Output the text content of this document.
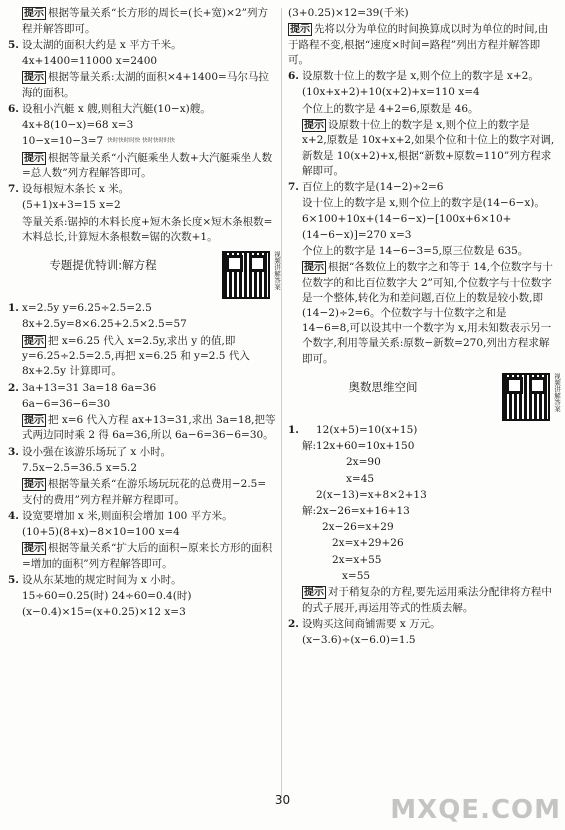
提示 根据等量关系“长方形的周长=(长+宽)×2”列方程并解答即可。

5. 设太湖的面积大约是 x 平方千米。

4x+1400=11000 x=2400

提示 根据等量关系:太湖的面积×4+1400=马尔马拉海的面积。

6. 设租小汽艇 x 艘,则租大汽艇(10−x)艘。

4x+8(10−x)=68 x=3

10−x=10−3=7 快时快时时快 快时快时时快

提示 根据等量关系“小汽艇乘坐人数+大汽艇乘坐人数=总人数”列方程解答即可。

7. 设每根短木条长 x 米。

(5+1)x+3=15 x=2

等量关系:锯掉的木料长度+短木条长度×短木条根数=木料总长,计算短木条根数=锯的次数+1。

专题提优特训:解方程	视频讲解答案
1. x=2.5y y=6.25÷2.5=2.5

8x+2.5y=8×6.25+2.5×2.5=57

提示 把 x=6.25 代入 x=2.5y,求出 y 的值,即 y=6.25÷2.5=2.5,再把 x=6.25 和 y=2.5 代入 8x+2.5y 计算即可。

2. 3a+13=31 3a=18 6a=36

6a−6=36−6=30

提示 把 x=6 代入方程 ax+13=31,求出 3a=18,把等式两边同时乘 2 得 6a=36,所以 6a−6=36−6=30。

3. 设小强在该游乐场玩了 x 小时。

7.5x−2.5=36.5 x=5.2

提示 根据等量关系“在游乐场玩玩花的总费用−2.5=支付的费用”列方程并解方程即可。

4. 设宽要增加 x 米,则面积会增加 100 平方米。

(10+5)(8+x)−8×10=100 x=4

提示 根据等量关系“扩大后的面积−原来长方形的面积=增加的面积”列方程解答即可。

5. 设从东某地的规定时间为 x 小时。

15÷60=0.25(时) 24÷60=0.4(时)

(x−0.4)×15=(x+0.25)×12 x=3

(3+0.25)×12=39(千米)

提示 先将以分为单位的时间换算成以时为单位的时间,由于路程不变,根据“速度×时间=路程”列出方程并解答即可。

6. 设原数十位上的数字是 x,则个位上的数字是 x+2。

(10x+x+2)+10(x+2)+x=110 x=4

个位上的数字是 4+2=6,原数是 46。

提示 设原数十位上的数字是 x,则个位上的数字是 x+2,原数是 10x+x+2,如果个位和十位上的数字对调,新数是 10(x+2)+x,根据“新数+原数=110”列方程求解即可。

7. 百位上的数字是(14−2)÷2=6

设十位上的数字是 x,则个位上的数字是(14−6−x)。

6×100+10x+(14−6−x)−[100x+6×10+(14−6−x)]=270 x=3

个位上的数字是 14−6−3=5,原三位数是 635。

提示 根据“各数位上的数字之和等于 14,个位数字与十位数字的和比百位数字大 2”可知,个位数字与十位数字是一个整体,转化为和差问题,百位上的数是较小数,即(14−2)÷2=6。个位数字与十位数字之和是 14−6=8,可以设其中一个数字为 x,用未知数表示另一个数字,利用等量关系:原数−新数=270,列出方程求解即可。

奥数思维空间	视频讲解答案
1.	12(x+5)=10(x+15)

解:12x+60=10x+150

2x=90

x=45

2(x−13)=x+8×2+13

解:2x−26=x+16+13

2x−26=x+29

2x=x+29+26

2x=x+55

x=55

提示 对于稍复杂的方程,要先运用乘法分配律将方程中的式子展开,再运用等式的性质去解。

2. 设购买这间商铺需要 x 万元。

(x−3.6)÷(x−6.0)=1.5

30	MXQE.COM
